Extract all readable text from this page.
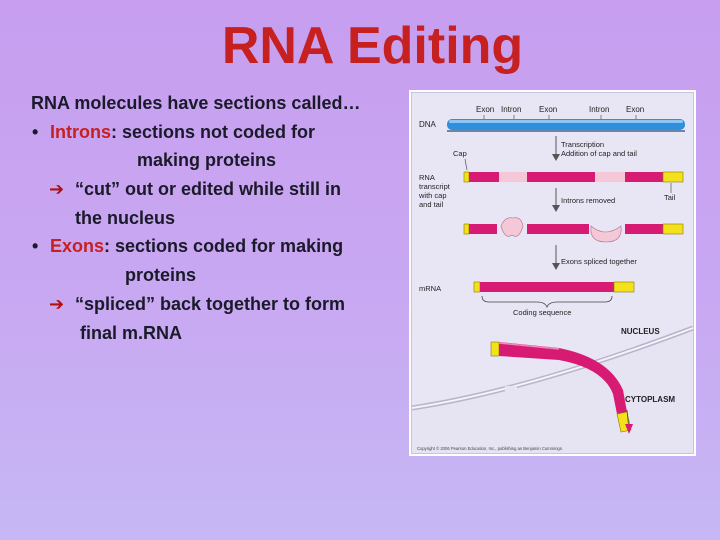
RNA Editing
RNA molecules have sections called…
• Introns: sections not coded for
making proteins
➔ “cut” out or edited while still in
the nucleus
• Exons: sections coded for making
proteins
➔ “spliced” back together to form
final m.RNA
Exon Intron Exon	Intron Exon
DNA
Transcription
Addition of cap and tail
Cap
RNA
transcript
with cap
and tail
Tail
Introns removed
Exons spliced together
mRNA
Coding sequence
NUCLEUS
CYTOPLASM
Copyright © 2006 Pearson Education, Inc., publishing as Benjamin Cummings.
